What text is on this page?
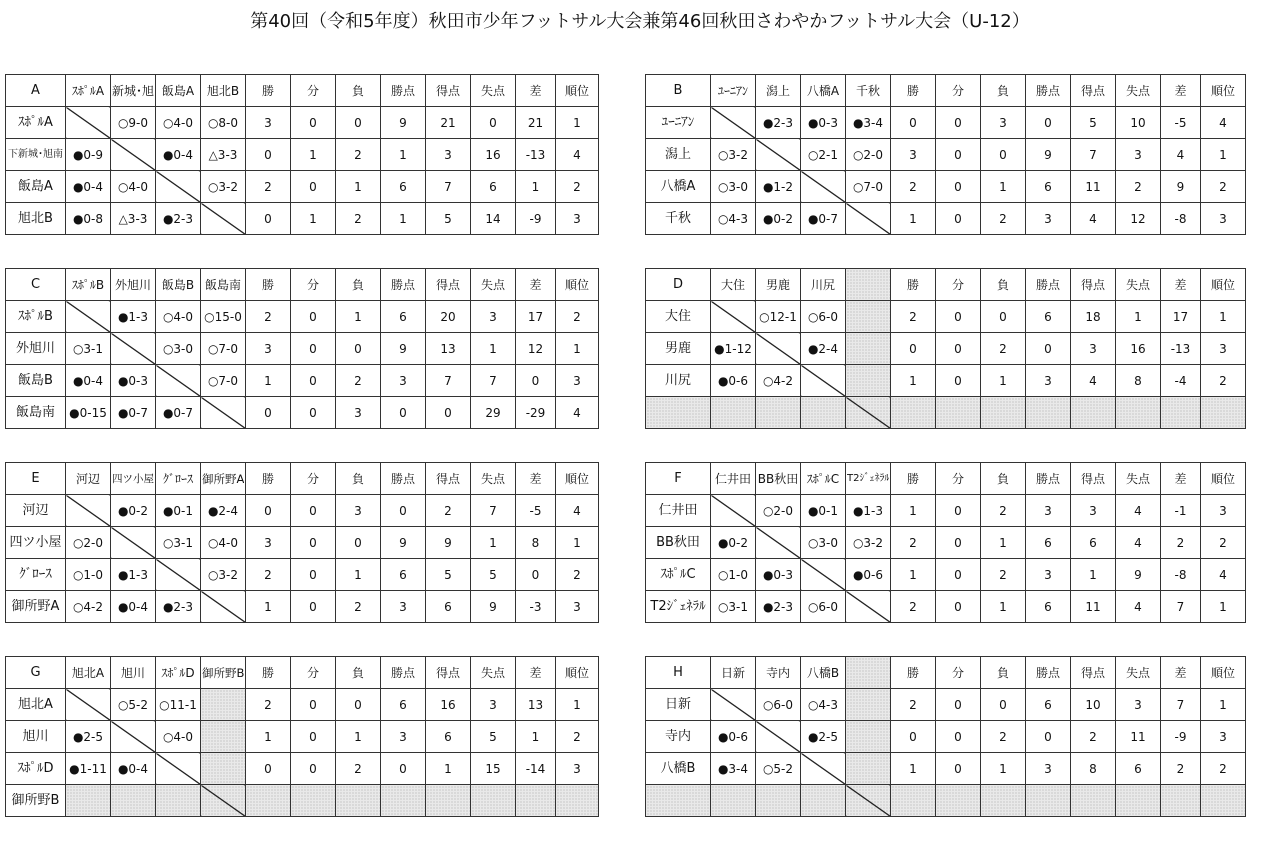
第40回（令和5年度）秋田市少年フットサル大会兼第46回秋田さわやかフットサル大会（U-12）
A	ｽﾎﾟﾙA	新城･旭	飯島A	旭北B	勝	分	負	勝点	得点	失点	差	順位

ｽﾎﾟﾙA		○9-0	○4-0	○8-0	3	0	0	9	21	0	21	1

下新城･旭南	●0-9		●0-4	△3-3	0	1	2	1	3	16	-13	4

飯島A	●0-4	○4-0		○3-2	2	0	1	6	7	6	1	2

旭北B	●0-8	△3-3	●2-3		0	1	2	1	5	14	-9	3
B	ﾕｰﾆｱﾝ	潟上	八橋A	千秋	勝	分	負	勝点	得点	失点	差	順位

ﾕｰﾆｱﾝ		●2-3	●0-3	●3-4	0	0	3	0	5	10	-5	4

潟上	○3-2		○2-1	○2-0	3	0	0	9	7	3	4	1

八橋A	○3-0	●1-2		○7-0	2	0	1	6	11	2	9	2

千秋	○4-3	●0-2	●0-7		1	0	2	3	4	12	-8	3
C	ｽﾎﾟﾙB	外旭川	飯島B	飯島南	勝	分	負	勝点	得点	失点	差	順位

ｽﾎﾟﾙB		●1-3	○4-0	○15-0	2	0	1	6	20	3	17	2

外旭川	○3-1		○3-0	○7-0	3	0	0	9	13	1	12	1

飯島B	●0-4	●0-3		○7-0	1	0	2	3	7	7	0	3

飯島南	●0-15	●0-7	●0-7		0	0	3	0	0	29	-29	4
D	大住	男鹿	川尻		勝	分	負	勝点	得点	失点	差	順位

大住		○12-1	○6-0		2	0	0	6	18	1	17	1

男鹿	●1-12		●2-4		0	0	2	0	3	16	-13	3

川尻	●0-6	○4-2			1	0	1	3	4	8	-4	2

E	河辺	四ツ小屋	ｸﾞﾛｰｽ	御所野A	勝	分	負	勝点	得点	失点	差	順位

河辺		●0-2	●0-1	●2-4	0	0	3	0	2	7	-5	4

四ツ小屋	○2-0		○3-1	○4-0	3	0	0	9	9	1	8	1

ｸﾞﾛｰｽ	○1-0	●1-3		○3-2	2	0	1	6	5	5	0	2

御所野A	○4-2	●0-4	●2-3		1	0	2	3	6	9	-3	3
F	仁井田	BB秋田	ｽﾎﾟﾙC	T2ｼﾞｪﾈﾗﾙ	勝	分	負	勝点	得点	失点	差	順位

仁井田		○2-0	●0-1	●1-3	1	0	2	3	3	4	-1	3

BB秋田	●0-2		○3-0	○3-2	2	0	1	6	6	4	2	2

ｽﾎﾟﾙC	○1-0	●0-3		●0-6	1	0	2	3	1	9	-8	4

T2ｼﾞｪﾈﾗﾙ	○3-1	●2-3	○6-0		2	0	1	6	11	4	7	1
G	旭北A	旭川	ｽﾎﾟﾙD	御所野B	勝	分	負	勝点	得点	失点	差	順位

旭北A		○5-2	○11-1		2	0	0	6	16	3	13	1

旭川	●2-5		○4-0		1	0	1	3	6	5	1	2

ｽﾎﾟﾙD	●1-11	●0-4			0	0	2	0	1	15	-14	3

御所野B												

H	日新	寺内	八橋B		勝	分	負	勝点	得点	失点	差	順位

日新		○6-0	○4-3		2	0	0	6	10	3	7	1

寺内	●0-6		●2-5		0	0	2	0	2	11	-9	3

八橋B	●3-4	○5-2			1	0	1	3	8	6	2	2
